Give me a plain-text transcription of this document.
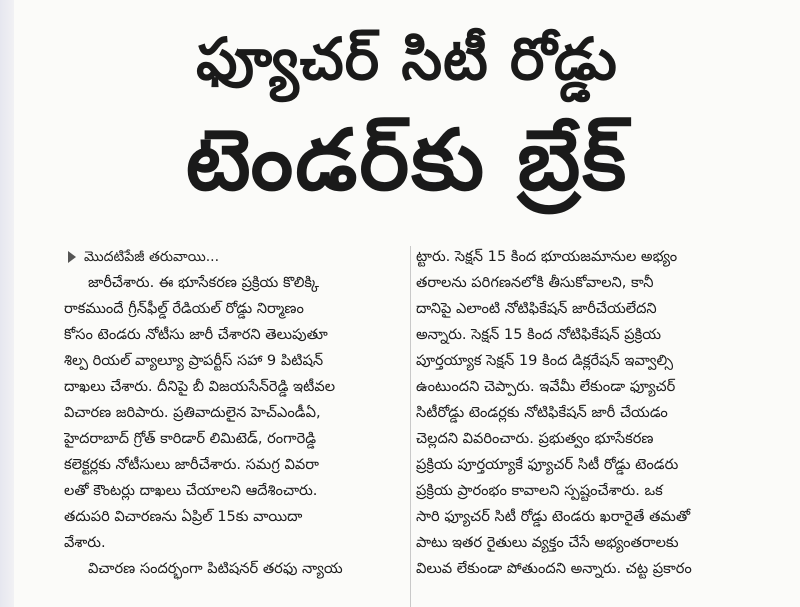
ఫ్యూచర్ సిటీ రోడ్డు
టెండర్‌కు బ్రేక్
మొదటిపేజీ తరువాయి...
జారీచేశారు. ఈ భూసేకరణ ప్రక్రియ కొలిక్కి
రాకముందే గ్రీన్‌ఫీల్డ్ రేడియల్ రోడ్డు నిర్మాణం
కోసం టెండరు నోటీసు జారీ చేశారని తెలుపుతూ
శిల్ప రియల్ వ్యాల్యూ ప్రాపర్టీస్ సహా 9 పిటిషన్
దాఖలు చేశారు. దీనిపై బీ విజయసేన్‌రెడ్డి ఇటీవల
విచారణ జరిపారు. ప్రతివాదులైన హెచ్‌ఎండీఏ,
హైదరాబాద్ గ్రోత్ కారిడార్ లిమిటెడ్, రంగారెడ్డి
కలెక్టర్లకు నోటీసులు జారీచేశారు. సమగ్ర వివరా
లతో కౌంటర్లు దాఖలు చేయాలని ఆదేశించారు.
తదుపరి విచారణను ఏప్రిల్ 15కు వాయిదా
వేశారు.
విచారణ సందర్భంగా పిటిషనర్ తరఫు న్యాయ
ట్టారు. సెక్షన్ 15 కింద భూయజమానుల అభ్యం
తరాలను పరిగణనలోకి తీసుకోవాలని, కానీ
దానిపై ఎలాంటి నోటిఫికేషన్ జారీచేయలేదని
అన్నారు. సెక్షన్ 15 కింద నోటిఫికేషన్ ప్రక్రియ
పూర్తయ్యాక సెక్షన్ 19 కింద డిక్లరేషన్ ఇవ్వాల్సి
ఉంటుందని చెప్పారు. ఇవేమీ లేకుండా ఫ్యూచర్
సిటీరోడ్డు టెండర్లకు నోటిఫికేషన్ జారీ చేయడం
చెల్లదని వివరించారు. ప్రభుత్వం భూసేకరణ
ప్రక్రియ పూర్తయ్యాకే ఫ్యూచర్ సిటీ రోడ్డు టెండరు
ప్రక్రియ ప్రారంభం కావాలని స్పష్టంచేశారు. ఒక
సారి ఫ్యూచర్ సిటీ రోడ్డు టెండరు ఖరారైతే తమతో
పాటు ఇతర రైతులు వ్యక్తం చేసే అభ్యంతరాలకు
విలువ లేకుండా పోతుందని అన్నారు. చట్ట ప్రకారం
